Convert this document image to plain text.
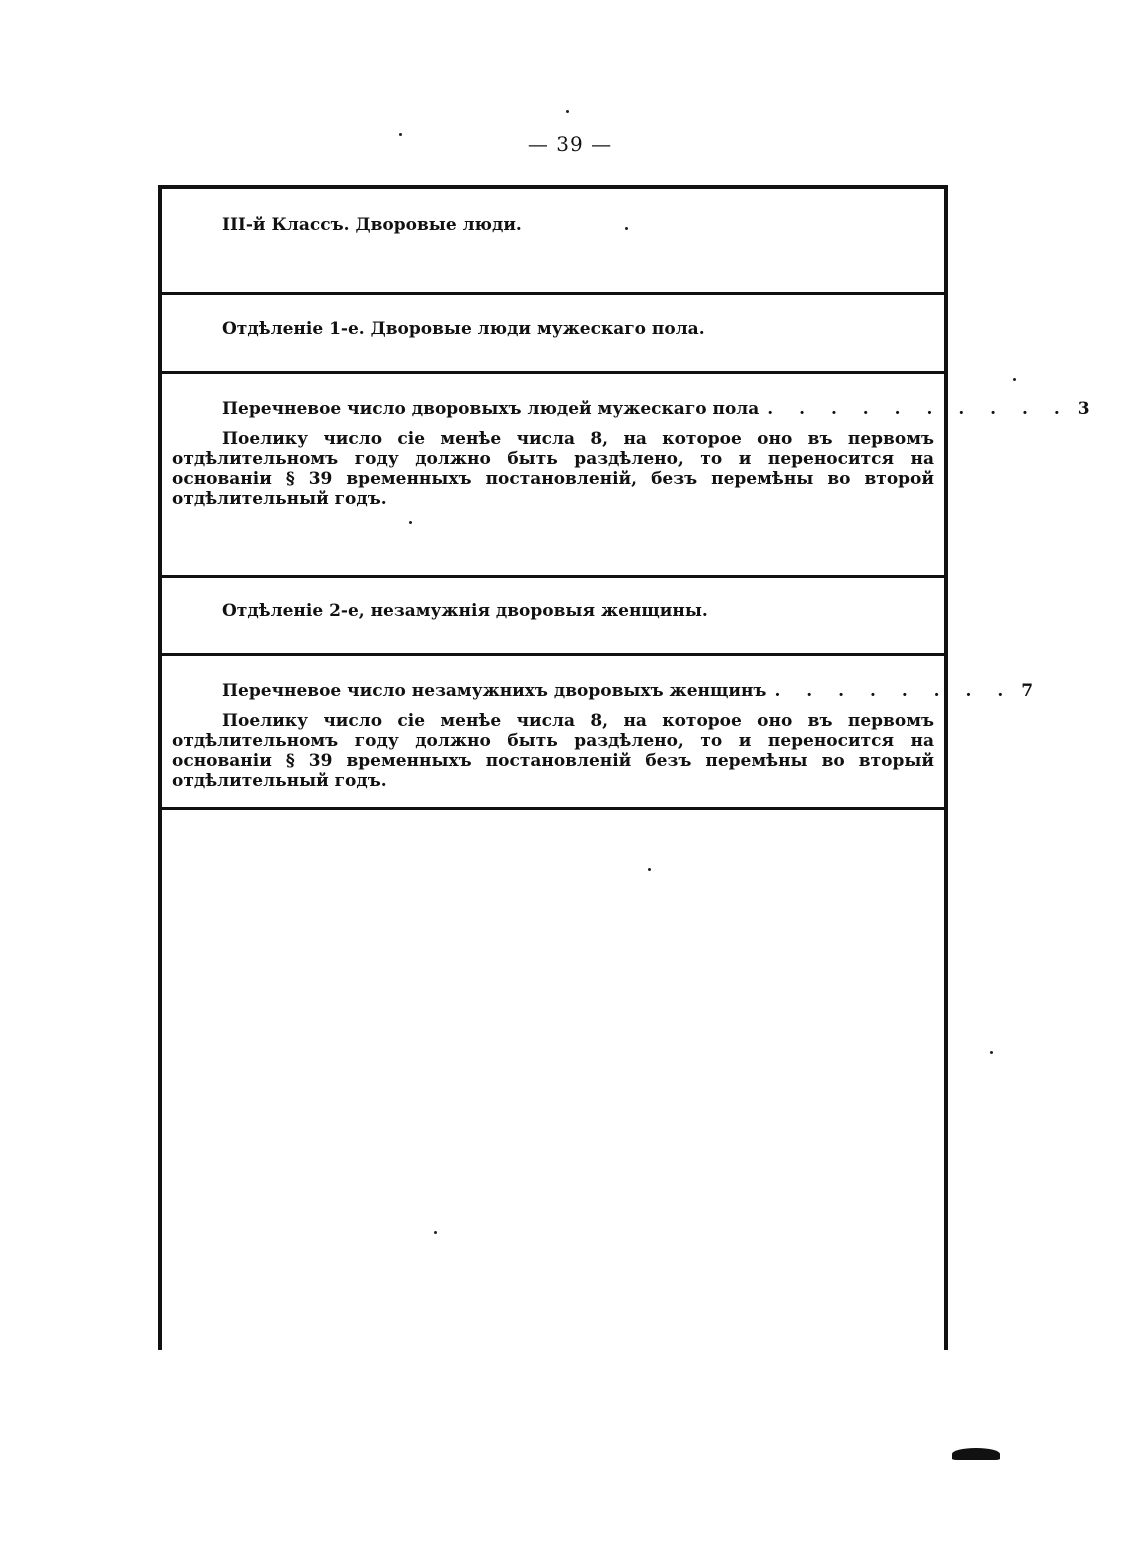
— 39 —
III-й Классъ. Дворовые люди.
Отдѣленіе 1-е. Дворовые люди мужескаго пола.
Перечневое число дворовыхъ людей мужескаго пола . . . . . . . . . . 3
Поелику число сіе менѣе числа 8, на которое оно въ первомъ отдѣлительномъ году должно быть раздѣлено, то и переносится на основаніи § 39 временныхъ постановленій, безъ перемѣны во второй отдѣлительный годъ.
Отдѣленіе 2-е, незамужнія дворовыя женщины.
Перечневое число незамужнихъ дворовыхъ женщинъ . . . . . . . . 7
Поелику число сіе менѣе числа 8, на которое оно въ первомъ отдѣлительномъ году должно быть раздѣлено, то и переносится на основаніи § 39 временныхъ постановленій безъ перемѣны во вторый отдѣлительный годъ.
